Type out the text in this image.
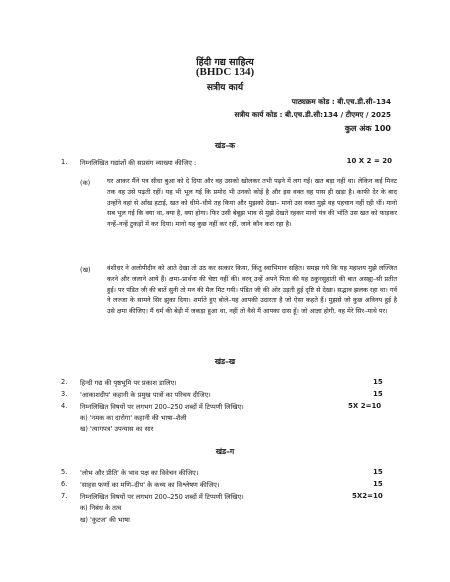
हिंदी गद्य साहित्य
(BHDC 134)
सत्रीय कार्य
पाठ्यक्रम कोड : बी.एच.डी.सी–134
सत्रीय कार्य कोड : बी.एच.डी.सी:134 / टीएमए / 2025
कुल अंक 100
खंड–क
1. निम्नलिखित गद्यांशों की सप्रसंग व्याख्या कीजिए :	10 X 2 = 20
(क)	घर आकर मैंने पत्र सीधा बुआ को दे दिया और वह उसको खोलकर तभी पढ़ने में लग गईं। खत बड़ा नहीं था। लेकिन कई मिनट तक वह उसे पढ़ती रहीं। यह भी भूल गई कि प्रमोद भी उनको कोई है और इस वक्त वह पास ही खड़ा है। काफी देर के बाद उन्होंने वहां से आँख हटाई, खत को धीमे–धीमे तह किया और मुझको देखा– मानो उस वक्त मुझे वह पहचान नहीं रही थीं। मानो सब भूल गई कि क्या था, क्या है, क्या होगा। फिर उसी बेबूझ भाव से मुझे देखते रहकर मानो यंत्र की भाँति उस खत को फाड़कर नन्हें–नन्हें टुकड़ों में कर दिया। मानो यह कुछ नहीं कर रहीं, जाने कौन करा रहा है।
(ख)	वंशीधर ने अलोपीदीन को आते देखा तो उठ कर सत्कार किया, किंतु स्वाभिमान सहित। समझ गये कि यह महाशय मुझे लज्जित करने और जलाने आये हैं। क्षमा–प्रार्थना की चेष्टा नहीं की। वरन् उन्हें अपने पिता की यह ठकुरसुहाती की बात असह्य–सी प्रतीत हुई। पर पंडित जी की बातें सुनी तो मन की मैल मिट गयी। पंडित जी की ओर उड़ती हुई दृष्टि से देखा। सद्भाव झलक रहा था। गर्व ने लज्जा के सामने सिर झुका दिया। शर्माते हुए बोले–यह आपकी उदारता है जो ऐसा कहते हैं। मुझसे जो कुछ अविनय हुई है उसे क्षमा कीजिए। मैं धर्म की बेड़ी में जकड़ा हुआ था, नहीं तो वैसे मैं आपका दास हूँ। जो आज्ञा होगी, वह मेरे सिर–माथे पर।
खंड–ख
2. हिन्दी गद्य की पृष्ठभूमि पर प्रकाश डालिए।	15
3. 'आकाशदीप' कहानी के प्रमुख पात्रों का परिचय दीजिए।	15
4. निम्नलिखित विषयों पर लगभग 200–250 शब्दों में टिप्पणी लिखिए।	5X 2=10
क) 'नमक का दारोगा' कहानी की भाषा–शैली
ख) 'त्यागपत्र' उपन्यास का सार
खंड–ग
5. 'लोभ और प्रीति' के भाव पक्ष का विवेचन कीजिए।	15
6. 'साहस फणों का मणि–दीप' के कथ्य का विश्लेषण कीजिए।	15
7. निम्नलिखित विषयों पर लगभग 200–250 शब्दों में टिप्पणी लिखिए।	5X2=10
क) निबंध के तत्व
ख) 'कुटज' की भाषा
